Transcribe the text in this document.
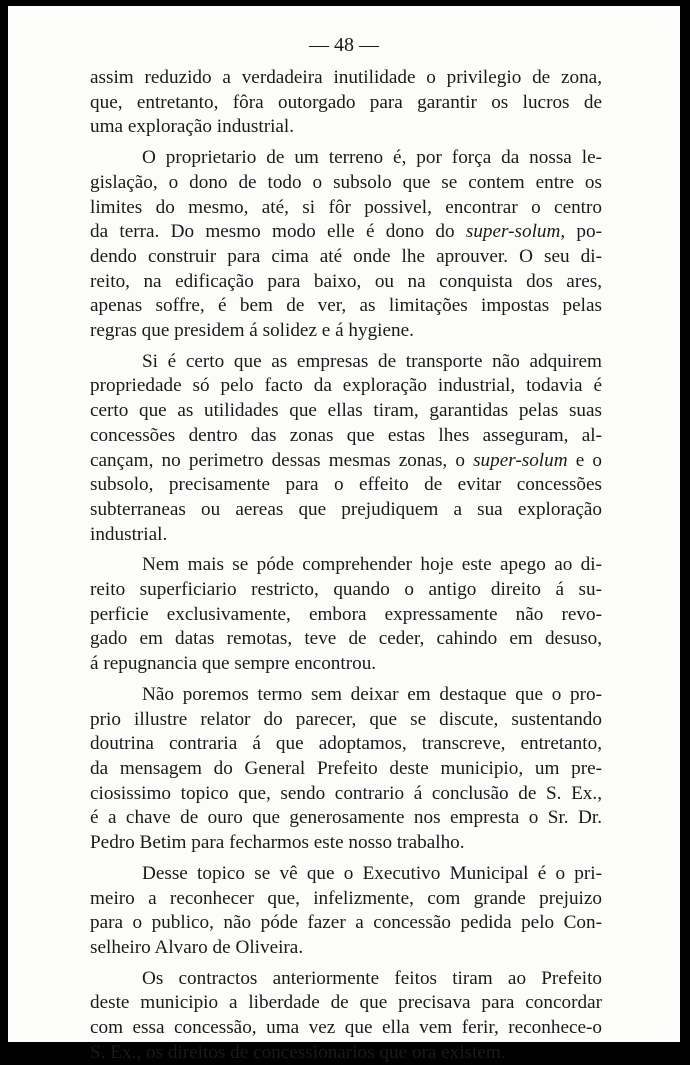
— 48 —
assim reduzido a verdadeira inutilidade o privilegio de zona,
que, entretanto, fôra outorgado para garantir os lucros de
uma exploração industrial.
O proprietario de um terreno é, por força da nossa le-
gislação, o dono de todo o subsolo que se contem entre os
limites do mesmo, até, si fôr possivel, encontrar o centro
da terra. Do mesmo modo elle é dono do super-solum, po-
dendo construir para cima até onde lhe aprouver. O seu di-
reito, na edificação para baixo, ou na conquista dos ares,
apenas soffre, é bem de ver, as limitações impostas pelas
regras que presidem á solidez e á hygiene.
Si é certo que as empresas de transporte não adquirem
propriedade só pelo facto da exploração industrial, todavia é
certo que as utilidades que ellas tiram, garantidas pelas suas
concessões dentro das zonas que estas lhes asseguram, al-
cançam, no perimetro dessas mesmas zonas, o super-solum e o
subsolo, precisamente para o effeito de evitar concessões
subterraneas ou aereas que prejudiquem a sua exploração
industrial.
Nem mais se póde comprehender hoje este apego ao di-
reito superficiario restricto, quando o antigo direito á su-
perficie exclusivamente, embora expressamente não revo-
gado em datas remotas, teve de ceder, cahindo em desuso,
á repugnancia que sempre encontrou.
Não poremos termo sem deixar em destaque que o pro-
prio illustre relator do parecer, que se discute, sustentando
doutrina contraria á que adoptamos, transcreve, entretanto,
da mensagem do General Prefeito deste municipio, um pre-
ciosissimo topico que, sendo contrario á conclusão de S. Ex.,
é a chave de ouro que generosamente nos empresta o Sr. Dr.
Pedro Betim para fecharmos este nosso trabalho.
Desse topico se vê que o Executivo Municipal é o pri-
meiro a reconhecer que, infelizmente, com grande prejuizo
para o publico, não póde fazer a concessão pedida pelo Con-
selheiro Alvaro de Oliveira.
Os contractos anteriormente feitos tiram ao Prefeito
deste municipio a liberdade de que precisava para concordar
com essa concessão, uma vez que ella vem ferir, reconhece-o
S. Ex., os direitos de concessionarios que ora existem.
